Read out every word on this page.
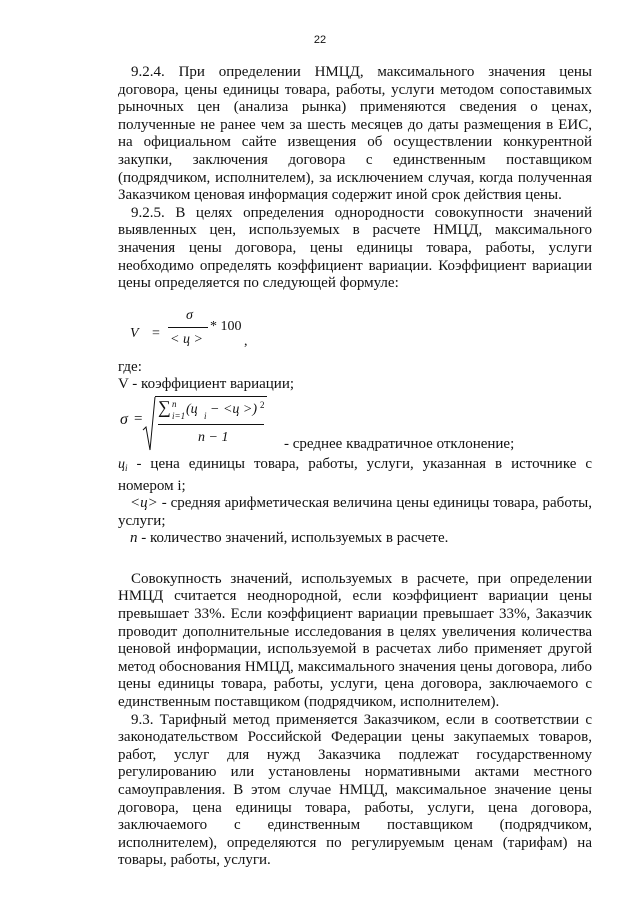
22

9.2.4. При определении НМЦД, максимального значения цены договора, цены единицы товара, работы, услуги методом сопоставимых рыночных цен (анализа рынка) применяются сведения о ценах, полученные не ранее чем за шесть месяцев до даты размещения в ЕИС, на официальном сайте извещения об осуществлении конкурентной закупки, заключения договора с единственным поставщиком (подрядчиком, исполнителем), за исключением случая, когда полученная Заказчиком ценовая информация содержит иной срок действия цены.

9.2.5. В целях определения однородности совокупности значений выявленных цен, используемых в расчете НМЦД, максимального значения цены договора, цены единицы товара, работы, услуги необходимо определять коэффициент вариации. Коэффициент вариации цены определяется по следующей формуле:

V =
σ
< ц >
* 100
,

где:

V - коэффициент вариации;

σ =
∑ n
i=1 (ц i − <ц >) 2
n − 1	- среднее квадратичное отклонение;

$ц_i$ - цена единицы товара, работы, услуги, указанная в источнике с номером i;

<ц> - средняя арифметическая величина цены единицы товара, работы, услуги;

n - количество значений, используемых в расчете.

Совокупность значений, используемых в расчете, при определении НМЦД считается неоднородной, если коэффициент вариации цены превышает 33%. Если коэффициент вариации превышает 33%, Заказчик проводит дополнительные исследования в целях увеличения количества ценовой информации, используемой в расчетах либо применяет другой метод обоснования НМЦД, максимального значения цены договора, либо цены единицы товара, работы, услуги, цена договора, заключаемого с единственным поставщиком (подрядчиком, исполнителем).

9.3. Тарифный метод применяется Заказчиком, если в соответствии с законодательством Российской Федерации цены закупаемых товаров, работ, услуг для нужд Заказчика подлежат государственному регулированию или установлены нормативными актами местного самоуправления. В этом случае НМЦД, максимальное значение цены договора, цена единицы товара, работы, услуги, цена договора, заключаемого с единственным поставщиком (подрядчиком, исполнителем), определяются по регулируемым ценам (тарифам) на товары, работы, услуги.
